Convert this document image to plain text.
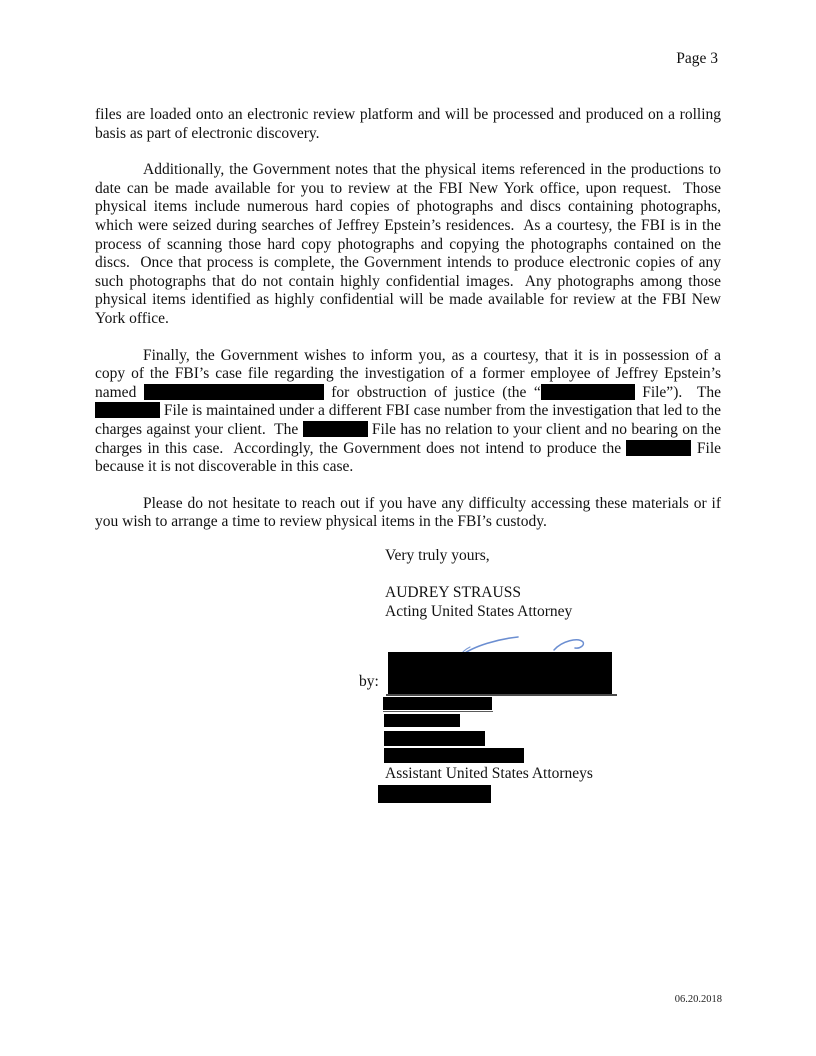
Page 3

files are loaded onto an electronic review platform and will be processed and produced on a rolling basis as part of electronic discovery.

Additionally, the Government notes that the physical items referenced in the productions to date can be made available for you to review at the FBI New York office, upon request.  Those physical items include numerous hard copies of photographs and discs containing photographs, which were seized during searches of Jeffrey Epstein’s residences.  As a courtesy, the FBI is in the process of scanning those hard copy photographs and copying the photographs contained on the discs.  Once that process is complete, the Government intends to produce electronic copies of any such photographs that do not contain highly confidential images.  Any photographs among those physical items identified as highly confidential will be made available for review at the FBI New York office.

Finally, the Government wishes to inform you, as a courtesy, that it is in possession of a copy of the FBI’s case file regarding the investigation of a former employee of Jeffrey Epstein’s named	for obstruction of justice (the “	File”).  The  File is maintained under a different FBI case number from the investigation that led to the charges against your client.  The	File has no relation to your client and no bearing on the charges in this case.  Accordingly, the Government does not intend to produce the	File because it is not discoverable in this case.

Please do not hesitate to reach out if you have any difficulty accessing these materials or if you wish to arrange a time to review physical items in the FBI’s custody.

Very truly yours,
AUDREY STRAUSS
Acting United States Attorney
by:
Assistant United States Attorneys
06.20.2018
